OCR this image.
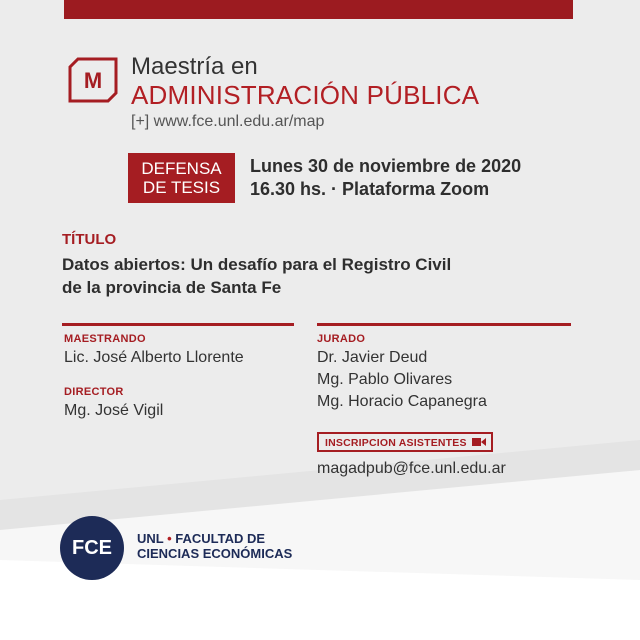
M
Maestría en
ADMINISTRACIÓN PÚBLICA
[+] www.fce.unl.edu.ar/map
DEFENSA
DE TESIS
Lunes 30 de noviembre de 2020
16.30 hs. · Plataforma Zoom
TÍTULO
Datos abiertos: Un desafío para el Registro Civil
de la provincia de Santa Fe
MAESTRANDO
Lic. José Alberto Llorente
DIRECTOR
Mg. José Vigil
JURADO
Dr. Javier Deud
Mg. Pablo Olivares
Mg. Horacio Capanegra
INSCRIPCION ASISTENTES
magadpub@fce.unl.edu.ar
FCE	UNL • FACULTAD DE
CIENCIAS ECONÓMICAS
